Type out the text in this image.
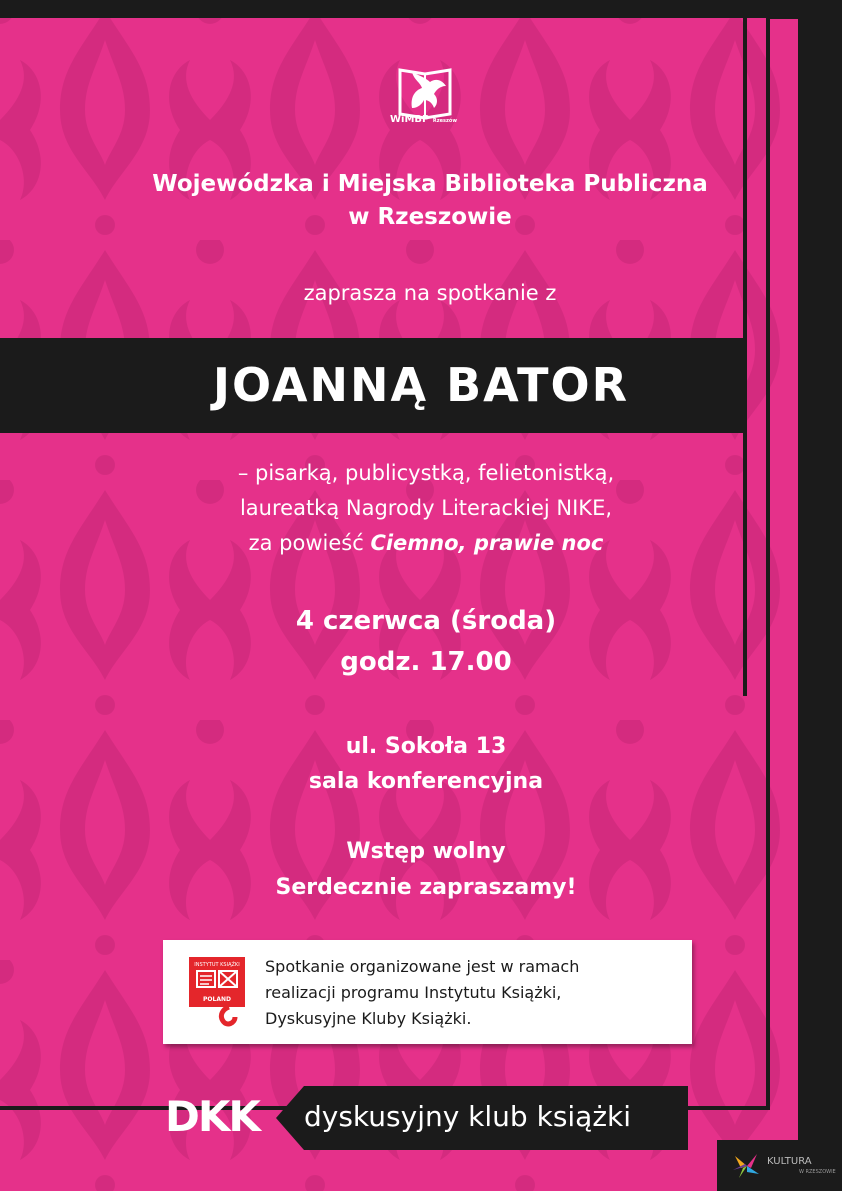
WiMBP Rzeszów
Wojewódzka i Miejska Biblioteka Publiczna
w Rzeszowie
zaprasza na spotkanie z
JOANNĄ BATOR
– pisarką, publicystką, felietonistką,
laureatką Nagrody Literackiej NIKE,
za powieść Ciemno, prawie noc
4 czerwca (środa)
godz. 17.00
ul. Sokoła 13
sala konferencyjna
Wstęp wolny
Serdecznie zapraszamy!
INSTYTUT KSIĄŻKI
POLAND
Spotkanie organizowane jest w ramach
realizacji programu Instytutu Książki,
Dyskusyjne Kluby Książki.
DKK dyskusyjny klub książki
KULTURA
W RZESZOWIE
